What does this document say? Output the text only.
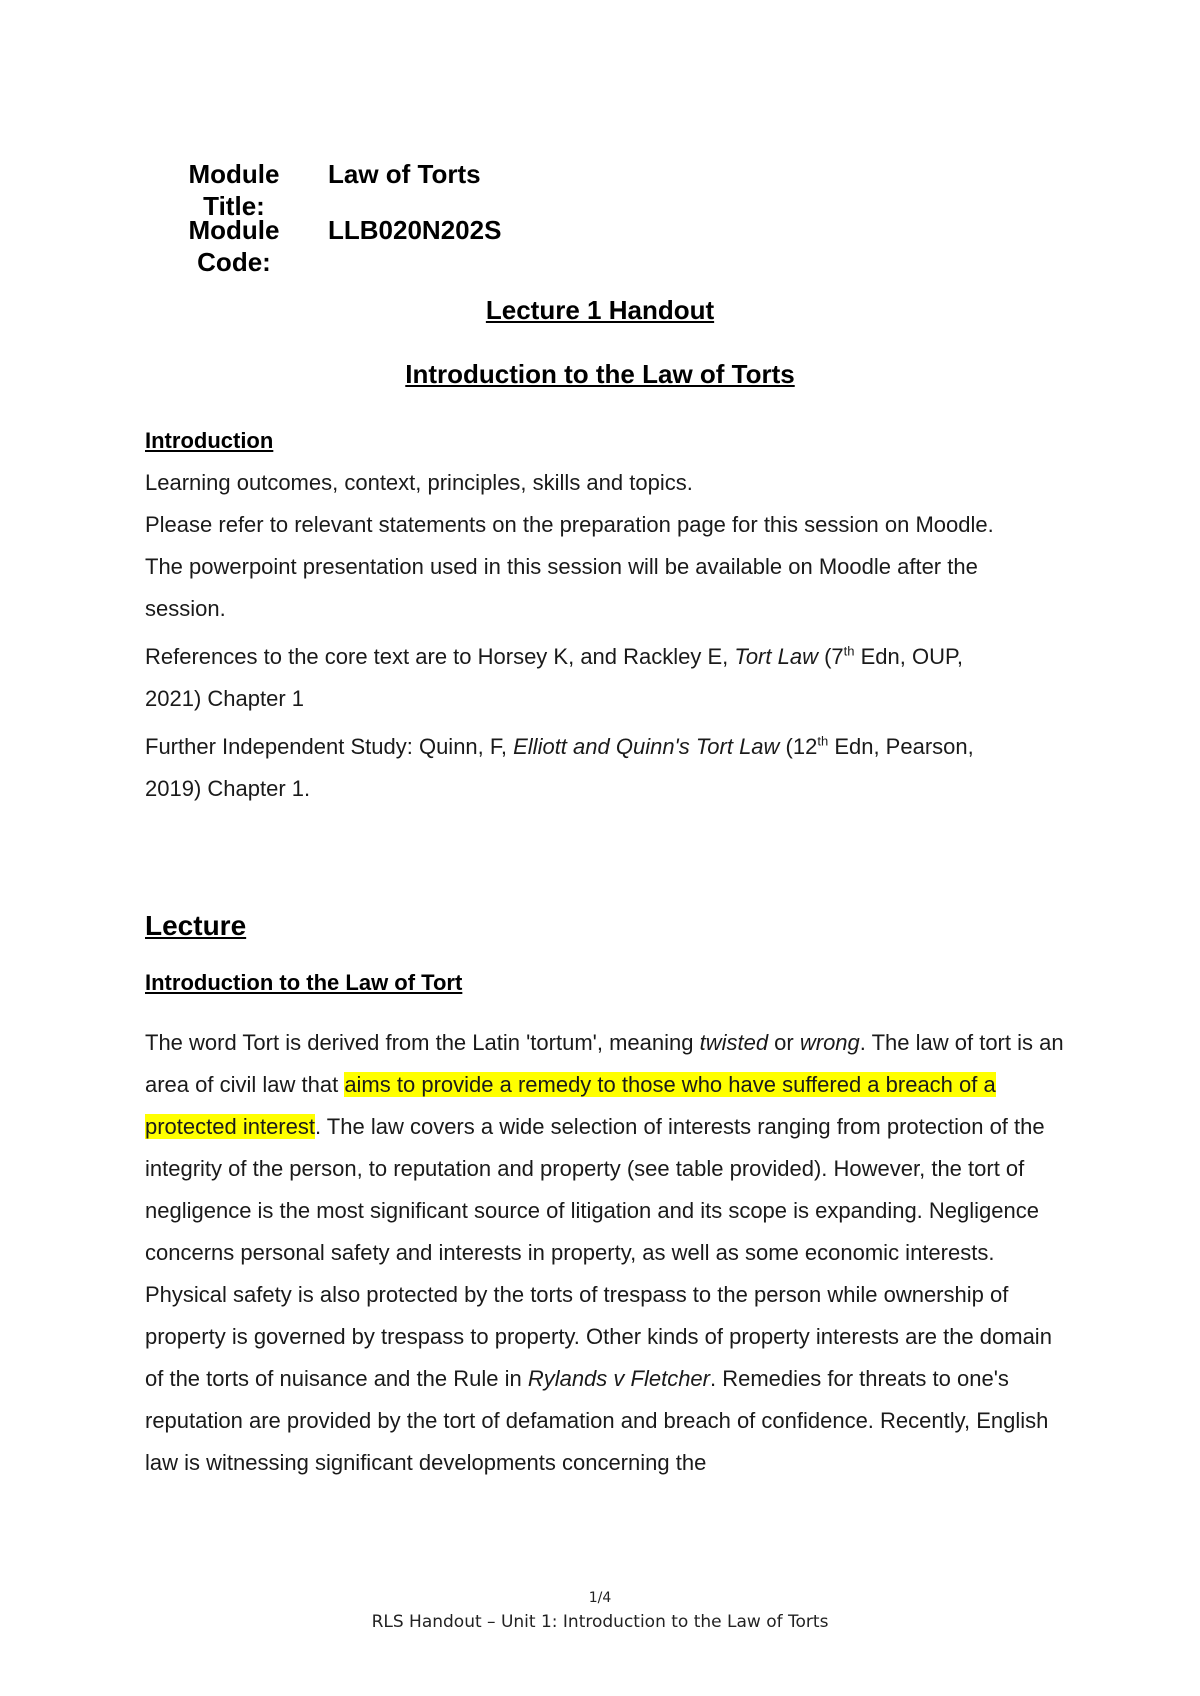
Module Title:
Law of Torts
Module
Code:
LLB020N202S
Lecture 1 Handout
Introduction to the Law of Torts
Introduction

Learning outcomes, context, principles, skills and topics.

Please refer to relevant statements on the preparation page for this session on Moodle.

The powerpoint presentation used in this session will be available on Moodle after the session.

References to the core text are to Horsey K, and Rackley E, Tort Law (7th Edn, OUP, 2021) Chapter 1

Further Independent Study: Quinn, F, Elliott and Quinn's Tort Law (12th Edn, Pearson, 2019) Chapter 1.

Lecture
Introduction to the Law of Tort
The word Tort is derived from the Latin 'tortum', meaning twisted or wrong. The law of tort is an area of civil law that aims to provide a remedy to those who have suffered a breach of a protected interest. The law covers a wide selection of interests ranging from protection of the integrity of the person, to reputation and property (see table provided). However, the tort of negligence is the most significant source of litigation and its scope is expanding. Negligence concerns personal safety and interests in property, as well as some economic interests. Physical safety is also protected by the torts of trespass to the person while ownership of property is governed by trespass to property. Other kinds of property interests are the domain of the torts of nuisance and the Rule in Rylands v Fletcher. Remedies for threats to one's reputation are provided by the tort of defamation and breach of confidence. Recently, English law is witnessing significant developments concerning the
1/4
RLS Handout – Unit 1: Introduction to the Law of Torts
